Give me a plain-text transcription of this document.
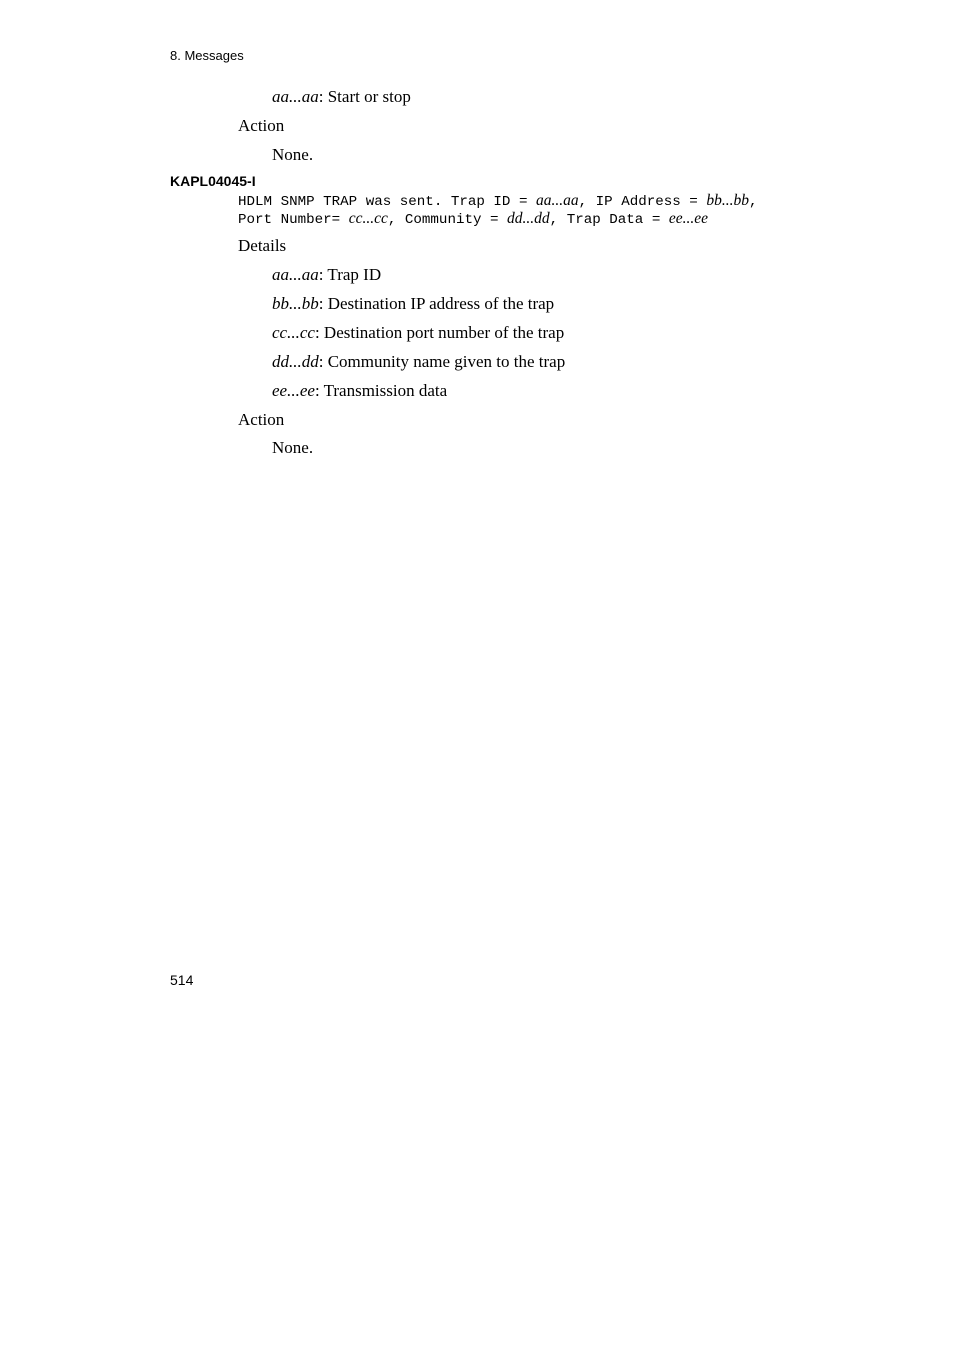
8. Messages
aa...aa: Start or stop
Action
None.
KAPL04045-I
HDLM SNMP TRAP was sent. Trap ID = aa...aa, IP Address = bb...bb,
Port Number= cc...cc, Community = dd...dd, Trap Data = ee...ee
Details
aa...aa: Trap ID
bb...bb: Destination IP address of the trap
cc...cc: Destination port number of the trap
dd...dd: Community name given to the trap
ee...ee: Transmission data
Action
None.
514
